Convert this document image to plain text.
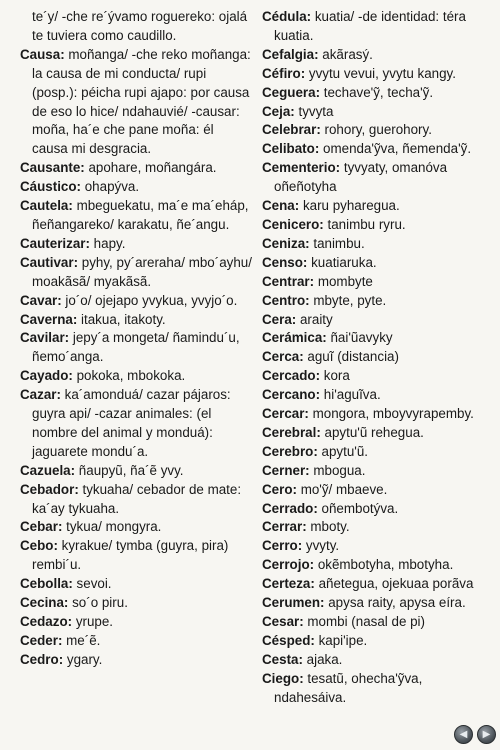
te´y/ -che re´ývamo roguereko: ojalá te tuviera como caudillo.

Causa: moñanga/ -che reko moñanga: la causa de mi conducta/ rupi (posp.): péicha rupi ajapo: por causa de eso lo hice/ ndahauvié/ -causar: moña, ha´e che pane moña: él causa mi desgracia.

Causante: apohare, moñangára.

Cáustico: ohapýva.

Cautela: mbeguekatu, ma´e ma´eháp, ñeñangareko/ karakatu, ñe´angu.

Cauterizar: hapy.

Cautivar: pyhy, py´areraha/ mbo´ayhu/ moakãsã/ myakãsã.

Cavar: jo´o/ ojejapo yvykua, yvyjo´o.

Caverna: itakua, itakoty.

Cavilar: jepy´a mongeta/ ñamindu´u, ñemo´anga.

Cayado: pokoka, mbokoka.

Cazar: ka´amonduá/ cazar pájaros: guyra api/ -cazar animales: (el nombre del animal y monduá): jaguarete mondu´a.

Cazuela: ñaupyũ, ña´ẽ yvy.

Cebador: tykuaha/ cebador de mate: ka´ay tykuaha.

Cebar: tykua/ mongyra.

Cebo: kyrakue/ tymba (guyra, pira) rembi´u.

Cebolla: sevoi.

Cecina: so´o piru.

Cedazo: yrupe.

Ceder: me´ẽ.

Cedro: ygary.

Cédula: kuatia/ -de identidad: téra kuatia.

Cefalgia: akãrasý.

Céfiro: yvytu vevui, yvytu kangy.

Ceguera: techave'ỹ, techa'ỹ.

Ceja: tyvyta

Celebrar: rohory, guerohory.

Celibato: omenda'ỹva, ñemenda'ỹ.

Cementerio: tyvyaty, omanóva oñeñotyha

Cena: karu pyharegua.

Cenicero: tanimbu ryru.

Ceniza: tanimbu.

Censo: kuatiaruka.

Centrar: mombyte

Centro: mbyte, pyte.

Cera: araity

Cerámica: ñai'ũavyky

Cerca: aguĩ (distancia)

Cercado: kora

Cercano: hi'aguĩva.

Cercar: mongora, mboyvyrapemby.

Cerebral: apytu'ũ rehegua.

Cerebro: apytu'ũ.

Cerner: mbogua.

Cero: mo'ỹ/ mbaeve.

Cerrado: oñembotýva.

Cerrar: mboty.

Cerro: yvyty.

Cerrojo: okẽmbotyha, mbotyha.

Certeza: añetegua, ojekuaa porãva

Cerumen: apysa raity, apysa eíra.

Cesar: mombi (nasal de pi)

Césped: kapi'ipe.

Cesta: ajaka.

Ciego: tesatũ, ohecha'ỹva, ndahesáiva.

◀	▶
